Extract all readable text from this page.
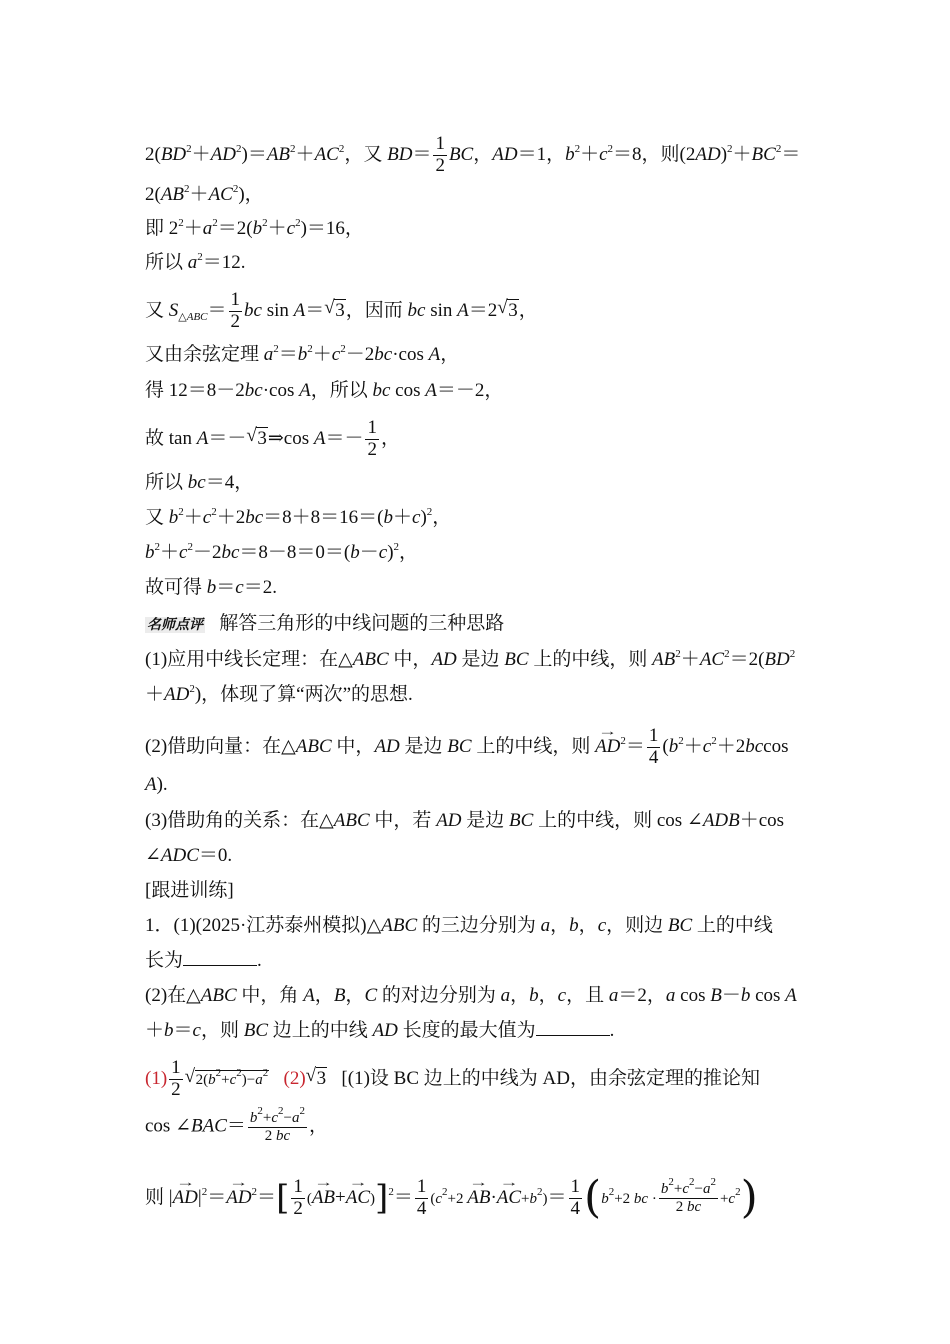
$2(BD^2+AD^2)=AB^2+AC^2$，又 $BD= \frac{1}{2}$ BC，AD＝1，$b^2+c^2=8$，则$(2AD)^2+BC^2=$
$2(AB^2+AC^2)$，
即 $2^2+a^2=2(b^2+c^2)=16$，
所以 $a^2=12$.
又 $S_{\triangle ABC}= \frac{1}{2}$ bc sin A＝ √ 3，因而 bc sin A＝2 √ 3，
又由余弦定理 $a^2=b^2+c^2-2bc\cdot\cos$ A，
得 12＝8－2bc·cos A，所以 bc cos A＝－2，
故 tan A＝－ √ 3⇒cos $A=- \frac{1}{2}$ ，
所以 bc＝4，
又 $b^2+c^2+2bc=8+8=16=(b+c)^2$，
$b^2+c^2-2bc=8-8=0=(b-c)^2$，
故可得 b＝c＝2.
名师点评 解答三角形的中线问题的三种思路
(1)应用中线长定理：在△ABC 中，AD 是边 BC 上的中线，则 $AB^2+AC^2=2(BD^2$
$+AD^2$)，体现了算“两次”的思想.
(2)借助向量：在△ABC 中，AD 是边 BC 上的中线，则 → $AD^2= \frac{1}{4} (b^2+c^2+2bccos$
A).
(3)借助角的关系：在△ABC 中，若 AD 是边 BC 上的中线，则 cos ∠ADB＋cos
∠ADC＝0.
[跟进训练]
1．(1)(2025·江苏泰州模拟)△ABC 的三边分别为 a，b，c，则边 BC 上的中线
长为	.
(2)在△ABC 中，角 A，B，C 的对边分别为 a，b，c，且 a＝2，a cos B－b cos A
＋b＝c，则 BC 边上的中线 AD 长度的最大值为	.
$(1) \frac{1}{2}$ √ $2(b^2+c^2)-a^2$ (2) √ 3 [(1)设 BC 边上的中线为 AD，由余弦定理的推论知
cos ∠BAC＝ $\frac{b^2+c^2-a^2}{2 bc}$ ，
则 |→ $AD|^2=\to AD^2=[ \frac{1}{2}$ (→ $AB+\to AC)]^2= \frac{1}{4} (c^2+2 \to AB\cdot\to AC+b^2)= \frac{1}{4} (b^2+2$ bc · $\frac{b^2+c^2-a^2}{2 bc} +c^2$)
